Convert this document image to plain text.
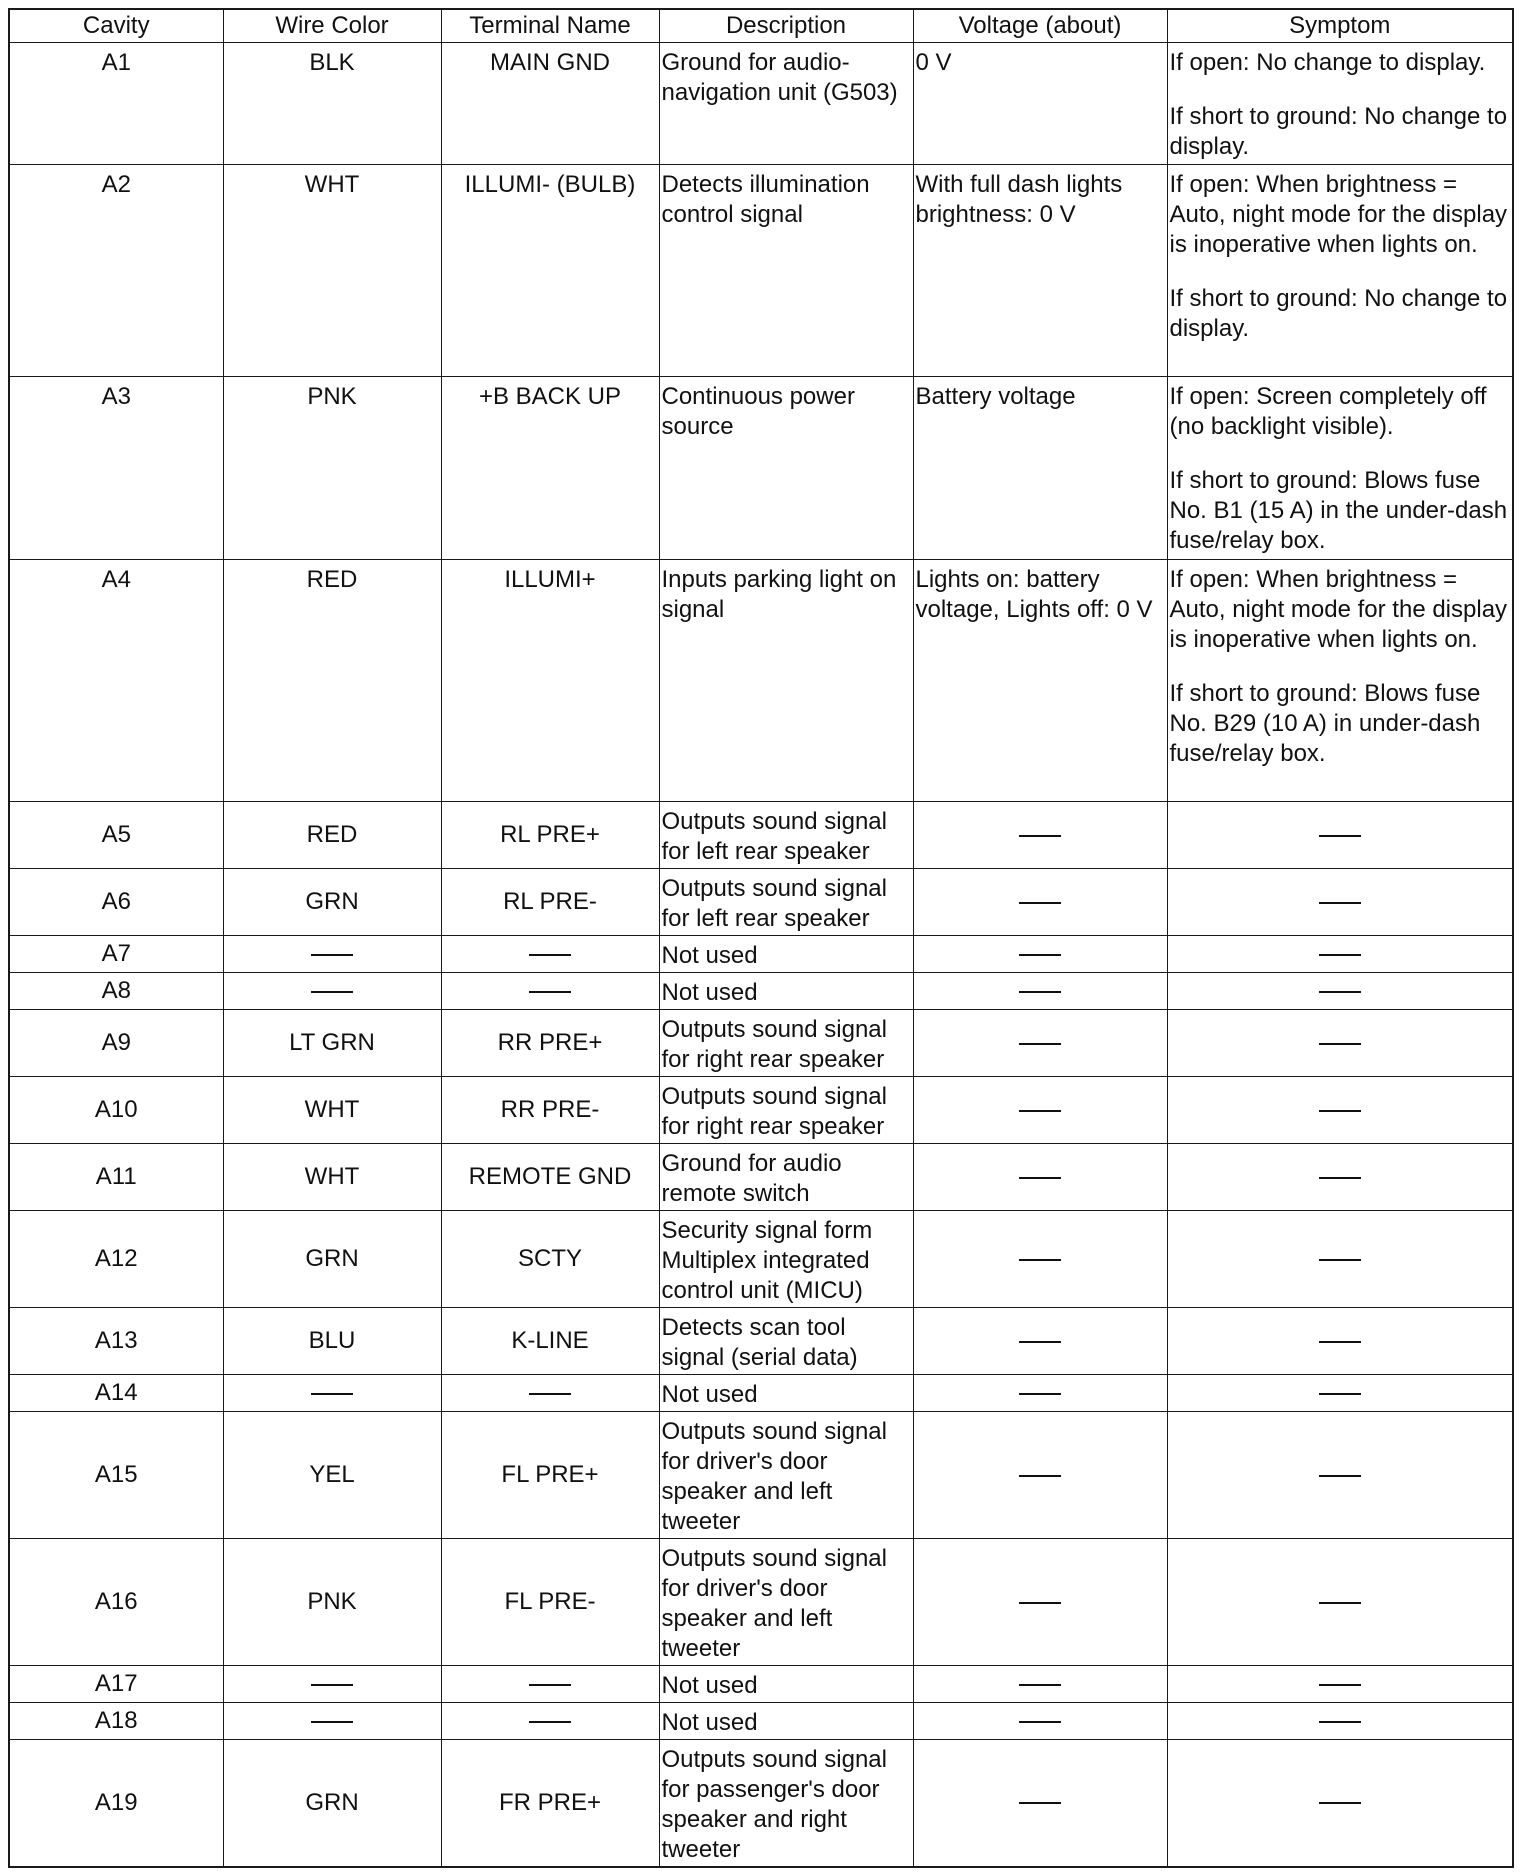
Cavity	Wire Color	Terminal Name	Description	Voltage (about)	Symptom
A1	BLK	MAIN GND	Ground for audio-navigation unit (G503)	0 V	If open: No change to display.
If short to ground: No change to display.

A2	WHT	ILLUMI- (BULB)	Detects illumination control signal	With full dash lights brightness: 0 V	If open: When brightness = Auto, night mode for the display is inoperative when lights on.
If short to ground: No change to display.

A3	PNK	+B BACK UP	Continuous power source	Battery voltage	If open: Screen completely off (no backlight visible).
If short to ground: Blows fuse No. B1 (15 A) in the under-dash fuse/relay box.

A4	RED	ILLUMI+	Inputs parking light on signal	Lights on: battery voltage, Lights off: 0 V	If open: When brightness = Auto, night mode for the display is inoperative when lights on.
If short to ground: Blows fuse No. B29 (10 A) in under-dash fuse/relay box.

A5	RED	RL PRE+	Outputs sound signal for left rear speaker		
A6	GRN	RL PRE-	Outputs sound signal for left rear speaker		
A7			Not used		
A8			Not used		
A9	LT GRN	RR PRE+	Outputs sound signal for right rear speaker		
A10	WHT	RR PRE-	Outputs sound signal for right rear speaker		
A11	WHT	REMOTE GND	Ground for audio remote switch		
A12	GRN	SCTY	Security signal form Multiplex integrated control unit (MICU)		
A13	BLU	K-LINE	Detects scan tool signal (serial data)		
A14			Not used		
A15	YEL	FL PRE+	Outputs sound signal for driver's door speaker and left tweeter		
A16	PNK	FL PRE-	Outputs sound signal for driver's door speaker and left tweeter		
A17			Not used		
A18			Not used		
A19	GRN	FR PRE+	Outputs sound signal for passenger's door speaker and right tweeter		
